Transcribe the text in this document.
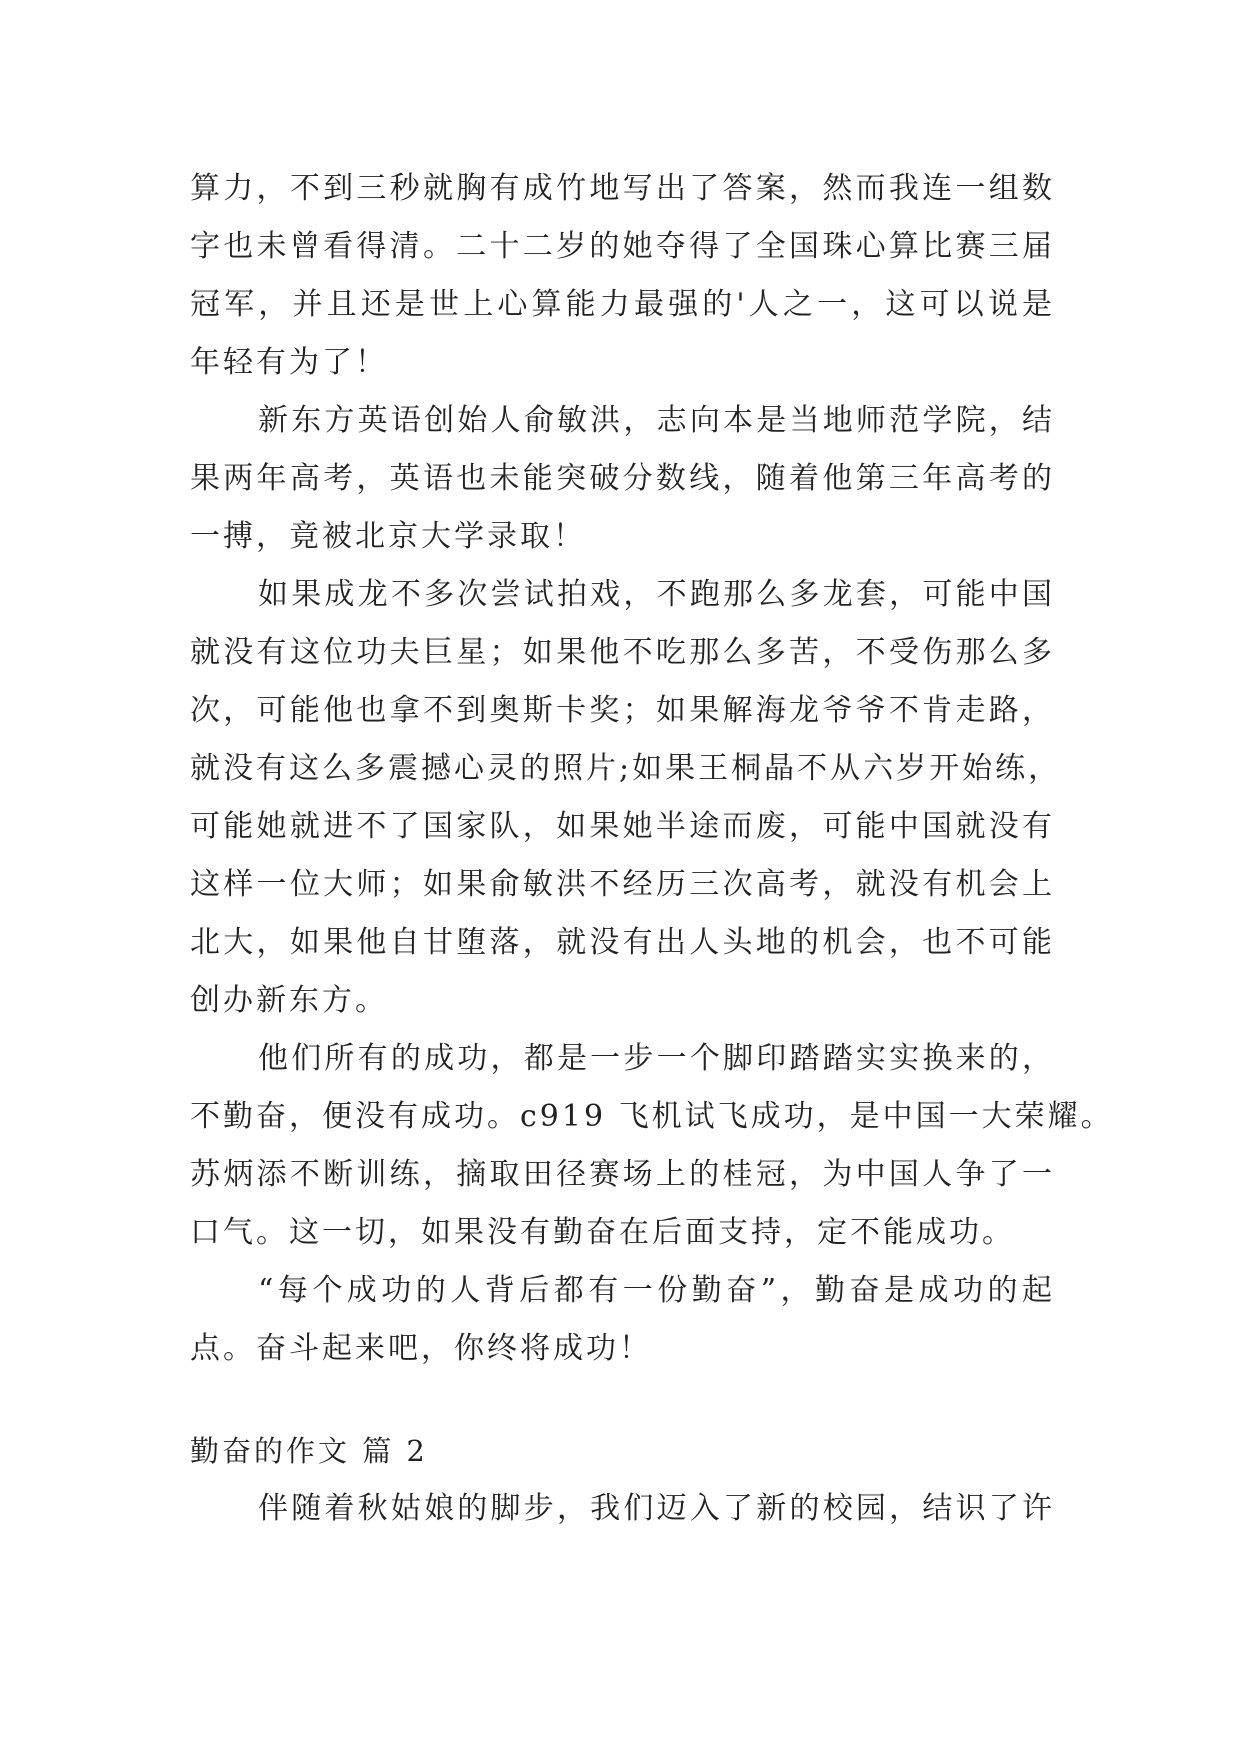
算力，不到三秒就胸有成竹地写出了答案，然而我连一组数
字也未曾看得清。二十二岁的她夺得了全国珠心算比赛三届
冠军，并且还是世上心算能力最强的'人之一，这可以说是
年轻有为了！
新东方英语创始人俞敏洪，志向本是当地师范学院，结
果两年高考，英语也未能突破分数线，随着他第三年高考的
一搏，竟被北京大学录取！
如果成龙不多次尝试拍戏，不跑那么多龙套，可能中国
就没有这位功夫巨星；如果他不吃那么多苦，不受伤那么多
次，可能他也拿不到奥斯卡奖；如果解海龙爷爷不肯走路，
就没有这么多震撼心灵的照片;如果王桐晶不从六岁开始练，
可能她就进不了国家队，如果她半途而废，可能中国就没有
这样一位大师；如果俞敏洪不经历三次高考，就没有机会上
北大，如果他自甘堕落，就没有出人头地的机会，也不可能
创办新东方。
他们所有的成功，都是一步一个脚印踏踏实实换来的，
不勤奋，便没有成功。c919 飞机试飞成功，是中国一大荣耀。
苏炳添不断训练，摘取田径赛场上的桂冠，为中国人争了一
口气。这一切，如果没有勤奋在后面支持，定不能成功。
“每个成功的人背后都有一份勤奋”，勤奋是成功的起
点。奋斗起来吧，你终将成功！
勤奋的作文 篇 2
伴随着秋姑娘的脚步，我们迈入了新的校园，结识了许
